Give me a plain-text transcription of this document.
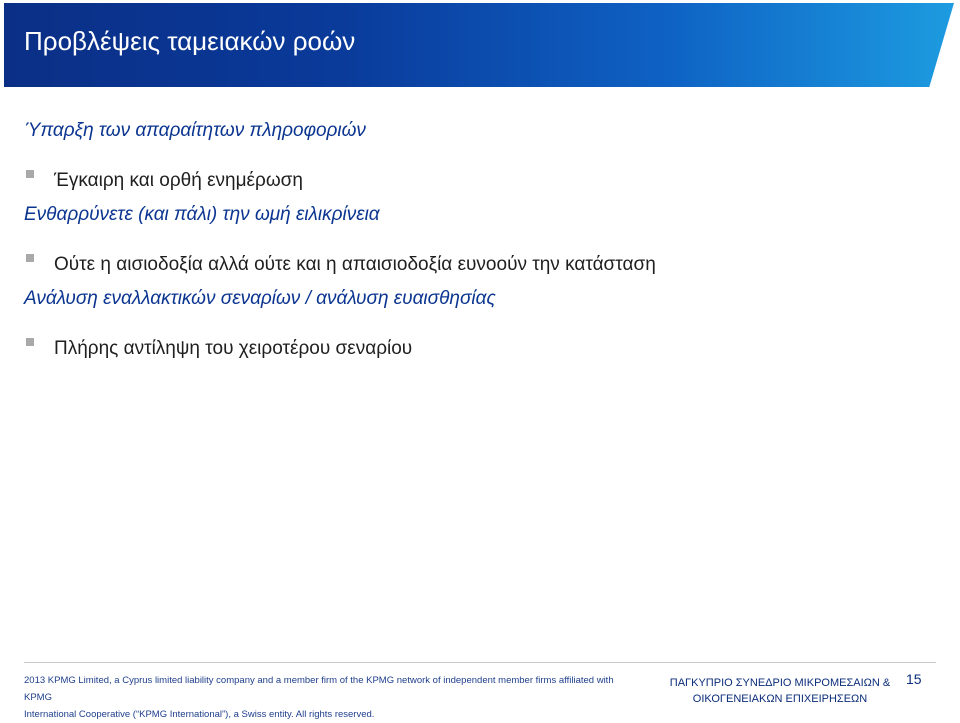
Προβλέψεις ταμειακών ροών
Ύπαρξη των απαραίτητων πληροφοριών
Έγκαιρη και ορθή ενημέρωση
Ενθαρρύνετε (και πάλι) την ωμή ειλικρίνεια
Ούτε η αισιοδοξία αλλά ούτε και η απαισιοδοξία ευνοούν την κατάσταση
Ανάλυση εναλλακτικών σεναρίων / ανάλυση ευαισθησίας
Πλήρης αντίληψη του χειροτέρου σεναρίου
2013 KPMG Limited, a Cyprus limited liability company and a member firm of the KPMG network of independent member firms affiliated with KPMG
International Cooperative (“KPMG International”), a Swiss entity. All rights reserved.
ΠΑΓΚΥΠΡΙΟ ΣΥΝΕΔΡΙΟ ΜΙΚΡΟΜΕΣΑΙΩΝ &
ΟΙΚΟΓΕΝΕΙΑΚΩΝ ΕΠΙΧΕΙΡΗΣΕΩΝ
15
